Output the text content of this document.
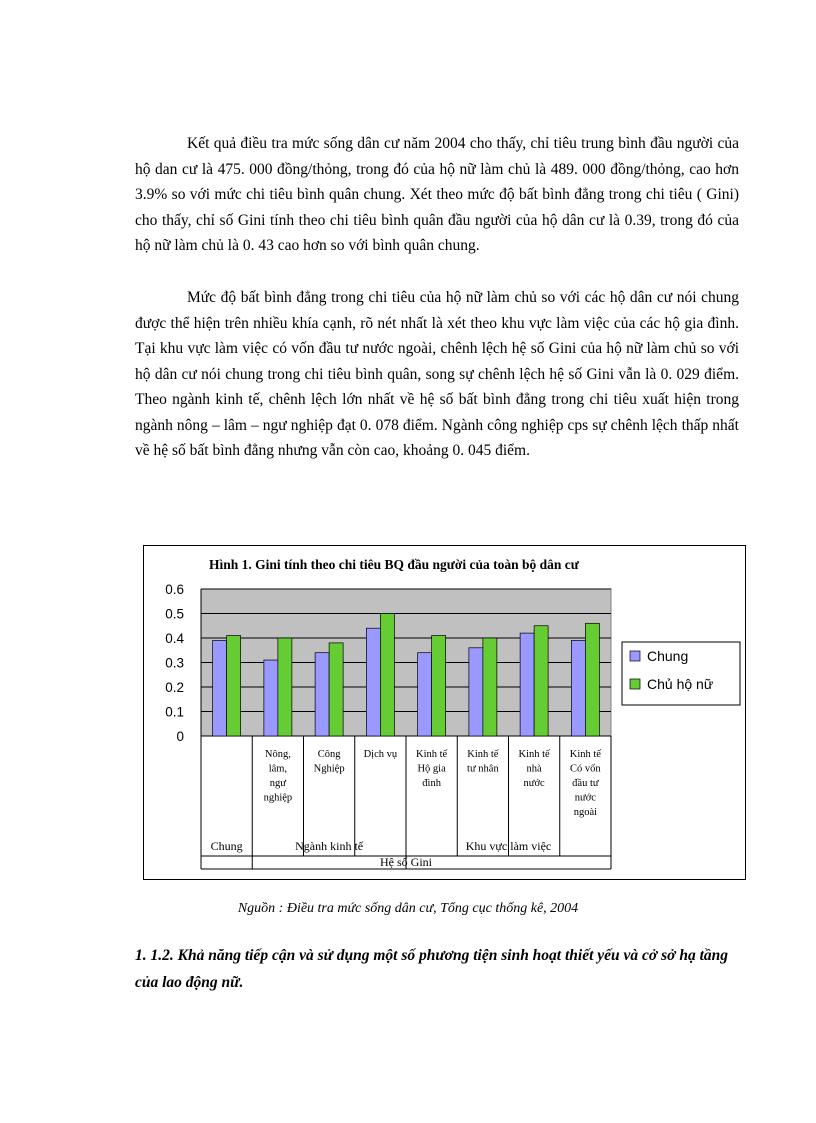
Kết quả điều tra mức sống dân cư năm 2004 cho thấy, chỉ tiêu trung bình đầu người của hộ dan cư là 475. 000 đồng/thỏng, trong đó của hộ nữ làm chủ là 489. 000 đồng/thỏng, cao hơn 3.9% so với mức chi tiêu bình quân chung. Xét theo mức độ bất bình đẳng trong chi tiêu ( Gini) cho thấy, chỉ số Gini tính theo chi tiêu bình quân đầu người của hộ dân cư là 0.39, trong đó của hộ nữ làm chủ là 0. 43 cao hơn so với bình quân chung.

Mức độ bất bình đẳng trong chi tiêu của hộ nữ làm chủ so với các hộ dân cư nói chung được thể hiện trên nhiều khía cạnh, rõ nét nhất là xét theo khu vực làm việc của các hộ gia đình. Tại khu vực làm việc có vốn đầu tư nước ngoài, chênh lệch hệ số Gini của hộ nữ làm chủ so với hộ dân cư nói chung trong chi tiêu bình quân, song sự chênh lệch hệ số Gini vẫn là 0. 029 điểm. Theo ngành kinh tế, chênh lệch lớn nhất về hệ số bất bình đẳng trong chi tiêu xuất hiện trong ngành nông – lâm – ngư nghiệp đạt 0. 078 điểm. Ngành công nghiệp cps sự chênh lệch thấp nhất về hệ số bất bình đẳng nhưng vẫn còn cao, khoảng 0. 045 điểm.

Hình 1. Gini tính theo chi tiêu BQ đầu người của toàn bộ dân cư
0
0.1
0.2
0.3
0.4
0.5
0.6
Nông, lâm, ngư nghiệp
Công Nghiệp
Dịch vụ Kinh tế Hộ gia đình
Kinh tế tư nhân
Kinh tế nhà nước
Kinh tế Có vốn đầu tư nước ngoài
Chung	Ngành kinh tế	Khu vực làm việc
Hệ số Gini
Chung
Chủ hộ nữ
Nguồn : Điều tra mức sống dân cư, Tổng cục thống kê, 2004

1. 1.2. Khả năng tiếp cận và sử dụng một số phương tiện sinh hoạt thiết yếu và cở sở hạ tầng của lao động nữ.
